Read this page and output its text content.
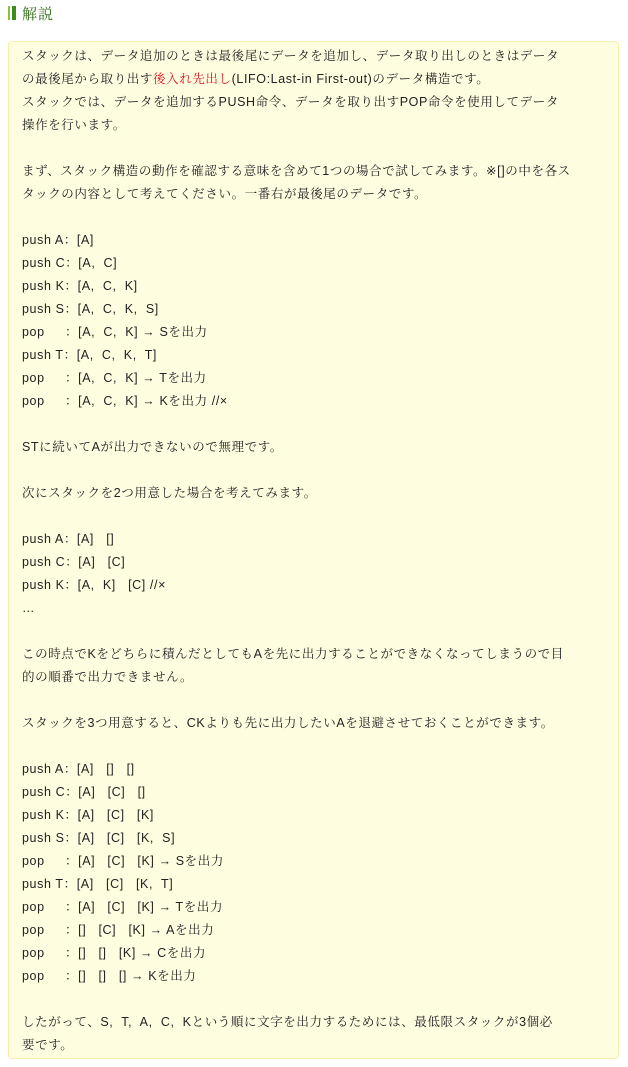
解説
スタックは、データ追加のときは最後尾にデータを追加し、データ取り出しのときはデータ
の最後尾から取り出す後入れ先出し(LIFO:Last-in First-out)のデータ構造です。
スタックでは、データを追加するPUSH命令、データを取り出すPOP命令を使用してデータ
操作を行います。
まず、スタック構造の動作を確認する意味を含めて1つの場合で試してみます。※[]の中を各ス
タックの内容として考えてください。一番右が最後尾のデータです。
push A：[A]
push C：[A,  C]
push K：[A,  C,  K]
push S：[A,  C,  K,  S]
pop     ：[A,  C,  K] → Sを出力
push T：[A,  C,  K,  T]
pop     ：[A,  C,  K] → Tを出力
pop     ：[A,  C,  K] → Kを出力 //×
STに続いてAが出力できないので無理です。
次にスタックを2つ用意した場合を考えてみます。
push A：[A]   []
push C：[A]   [C]
push K：[A,  K]   [C] //×
…
この時点でKをどちらに積んだとしてもAを先に出力することができなくなってしまうので目
的の順番で出力できません。
スタックを3つ用意すると、CKよりも先に出力したいAを退避させておくことができます。
push A：[A]   []   []
push C：[A]   [C]   []
push K：[A]   [C]   [K]
push S：[A]   [C]   [K,  S]
pop     ：[A]   [C]   [K] → Sを出力
push T：[A]   [C]   [K,  T]
pop     ：[A]   [C]   [K] → Tを出力
pop     ：[]   [C]   [K] → Aを出力
pop     ：[]   []   [K] → Cを出力
pop     ：[]   []   [] → Kを出力
したがって、S,  T,  A,  C,  Kという順に文字を出力するためには、最低限スタックが3個必
要です。
